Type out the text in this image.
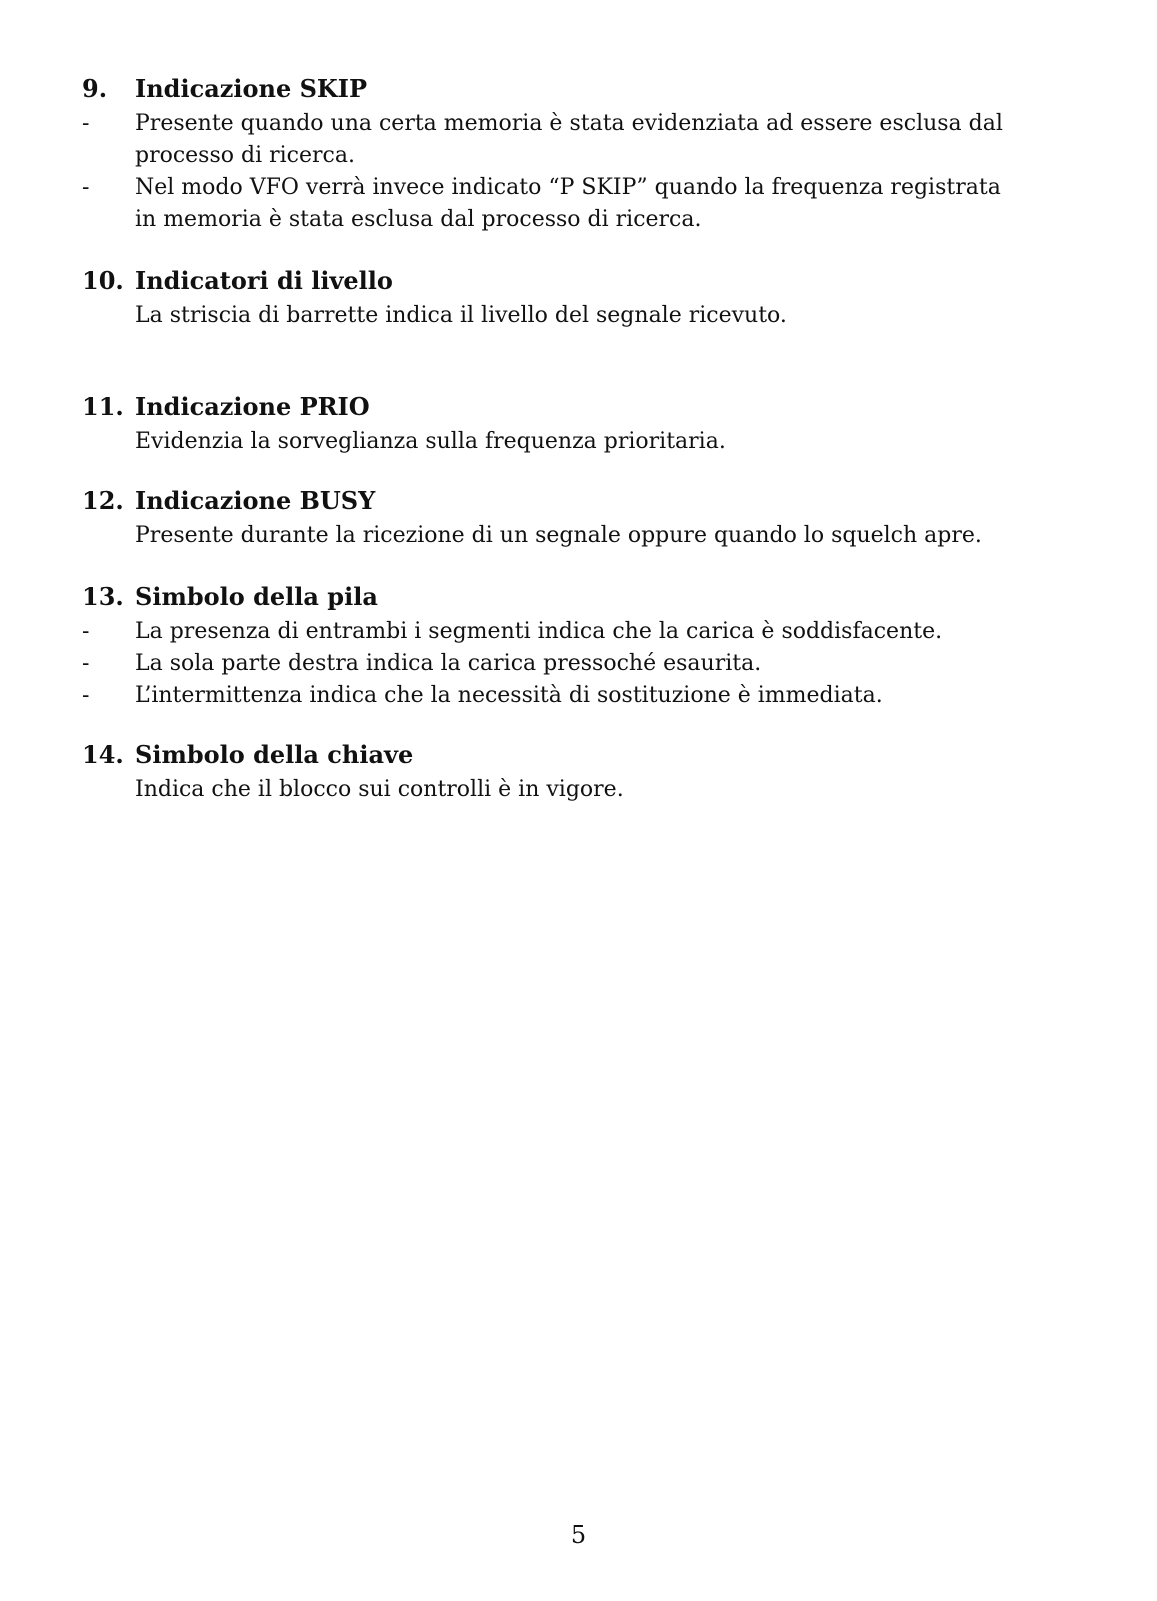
9.	Indicazione SKIP
-	Presente quando una certa memoria è stata evidenziata ad essere esclusa dal
processo di ricerca.
-	Nel modo VFO verrà invece indicato “P SKIP” quando la frequenza registrata
in memoria è stata esclusa dal processo di ricerca.
10. Indicatori di livello
La striscia di barrette indica il livello del segnale ricevuto.
11. Indicazione PRIO
Evidenzia la sorveglianza sulla frequenza prioritaria.
12. Indicazione BUSY
Presente durante la ricezione di un segnale oppure quando lo squelch apre.
13. Simbolo della pila
-	La presenza di entrambi i segmenti indica che la carica è soddisfacente.
-	La sola parte destra indica la carica pressoché esaurita.
-	L’intermittenza indica che la necessità di sostituzione è immediata.
14. Simbolo della chiave
Indica che il blocco sui controlli è in vigore.
5
